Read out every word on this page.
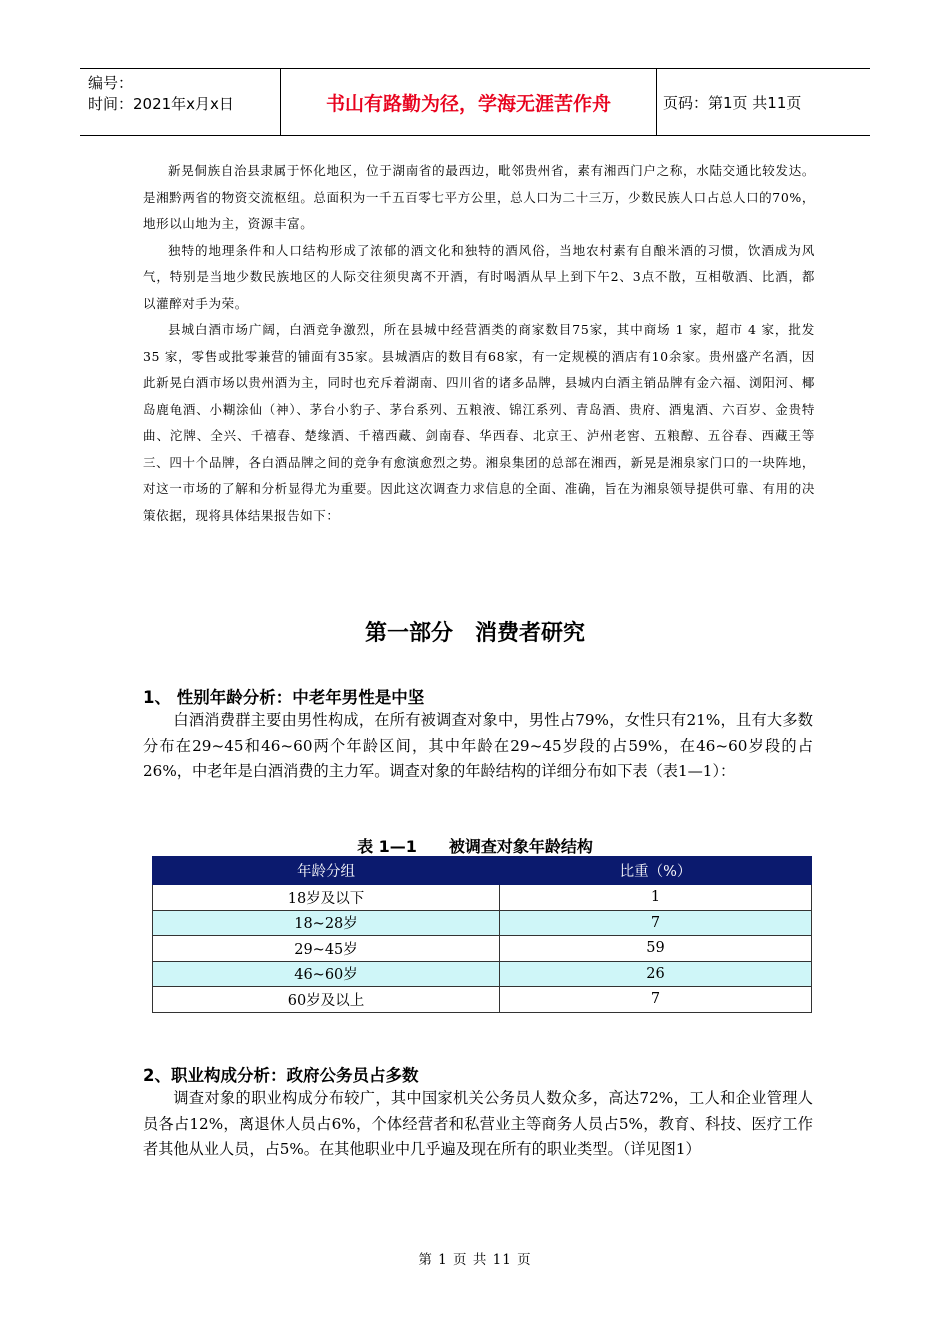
编号：
时间：2021年x月x日	书山有路勤为径，学海无涯苦作舟	页码：第1页 共11页

新晃侗族自治县隶属于怀化地区，位于湖南省的最西边，毗邻贵州省，素有湘西门户之称，水陆交通比较发达。是湘黔两省的物资交流枢纽。总面积为一千五百零七平方公里，总人口为二十三万，少数民族人口占总人口的70%，地形以山地为主，资源丰富。

独特的地理条件和人口结构形成了浓郁的酒文化和独特的酒风俗，当地农村素有自酿米酒的习惯，饮酒成为风气，特别是当地少数民族地区的人际交往须臾离不开酒，有时喝酒从早上到下午2、3点不散，互相敬酒、比酒，都以灌醉对手为荣。

县城白酒市场广阔，白酒竞争激烈，所在县城中经营酒类的商家数目75家，其中商场 1 家，超市 4 家，批发 35 家，零售或批零兼营的铺面有35家。县城酒店的数目有68家，有一定规模的酒店有10余家。贵州盛产名酒，因此新晃白酒市场以贵州酒为主，同时也充斥着湖南、四川省的诸多品牌，县城内白酒主销品牌有金六福、浏阳河、椰岛鹿龟酒、小糊涂仙（神）、茅台小豹子、茅台系列、五粮液、锦江系列、青岛酒、贵府、酒鬼酒、六百岁、金贵特曲、沱牌、全兴、千禧春、楚缘酒、千禧西藏、剑南春、华西春、北京王、泸州老窖、五粮醇、五谷春、西藏王等三、四十个品牌，各白酒品牌之间的竞争有愈演愈烈之势。湘泉集团的总部在湘西，新晃是湘泉家门口的一块阵地，对这一市场的了解和分析显得尤为重要。因此这次调查力求信息的全面、准确，旨在为湘泉领导提供可靠、有用的决策依据，现将具体结果报告如下：

第一部分　消费者研究
1、 性别年龄分析：中老年男性是中坚

白酒消费群主要由男性构成，在所有被调查对象中，男性占79%，女性只有21%，且有大多数分布在29~45和46~60两个年龄区间，其中年龄在29~45岁段的占59%，在46~60岁段的占26%，中老年是白酒消费的主力军。调查对象的年龄结构的详细分布如下表（表1—1）：

表 1—1　　被调查对象年龄结构
年龄分组	比重（%）
18岁及以下	1
18~28岁	7
29~45岁	59
46~60岁	26
60岁及以上	7
2、职业构成分析：政府公务员占多数

调查对象的职业构成分布较广，其中国家机关公务员人数众多，高达72%，工人和企业管理人员各占12%，离退休人员占6%，个体经营者和私营业主等商务人员占5%，教育、科技、医疗工作者其他从业人员，占5%。在其他职业中几乎遍及现在所有的职业类型。（详见图1）

第 1 页 共 11 页
